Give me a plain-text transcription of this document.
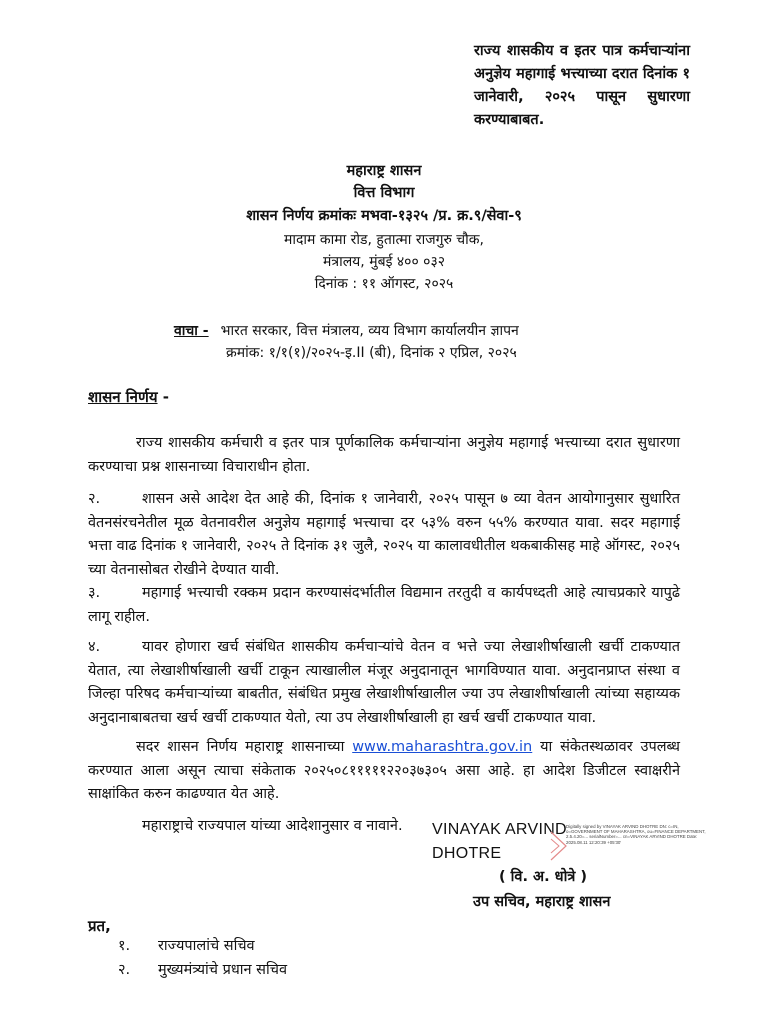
राज्य शासकीय व इतर पात्र कर्मचाऱ्यांना अनुज्ञेय महागाई भत्त्याच्या दरात दिनांक १ जानेवारी, २०२५ पासून सुधारणा करण्याबाबत.
महाराष्ट्र शासन
वित्त विभाग
शासन निर्णय क्रमांकः मभवा-१३२५ /प्र. क्र.९/सेवा-९
मादाम कामा रोड, हुतात्मा राजगुरु चौक,
मंत्रालय, मुंबई ४०० ०३२
दिनांक : ११ ऑगस्ट, २०२५
वाचा - भारत सरकार, वित्त मंत्रालय, व्यय विभाग कार्यालयीन ज्ञापन
क्रमांक: १/१(१)/२०२५-इ.II (बी), दिनांक २ एप्रिल, २०२५
शासन निर्णय -
राज्य शासकीय कर्मचारी व इतर पात्र पूर्णकालिक कर्मचाऱ्यांना अनुज्ञेय महागाई भत्त्याच्या दरात सुधारणा करण्याचा प्रश्न शासनाच्या विचाराधीन होता.
२.	शासन असे आदेश देत आहे की, दिनांक १ जानेवारी, २०२५ पासून ७ व्या वेतन आयोगानुसार सुधारित वेतनसंरचनेतील मूळ वेतनावरील अनुज्ञेय महागाई भत्त्याचा दर ५३% वरुन ५५% करण्यात यावा. सदर महागाई भत्ता वाढ दिनांक १ जानेवारी, २०२५ ते दिनांक ३१ जुलै, २०२५ या कालावधीतील थकबाकीसह माहे ऑगस्ट, २०२५ च्या वेतनासोबत रोखीने देण्यात यावी.
३.	महागाई भत्त्याची रक्कम प्रदान करण्यासंदर्भातील विद्यमान तरतुदी व कार्यपध्दती आहे त्याचप्रकारे यापुढे लागू राहील.
४.	यावर होणारा खर्च संबंधित शासकीय कर्मचाऱ्यांचे वेतन व भत्ते ज्या लेखाशीर्षाखाली खर्ची टाकण्यात येतात, त्या लेखाशीर्षाखाली खर्ची टाकून त्याखालील मंजूर अनुदानातून भागविण्यात यावा. अनुदानप्राप्त संस्था व जिल्हा परिषद कर्मचाऱ्यांच्या बाबतीत, संबंधित प्रमुख लेखाशीर्षाखालील ज्या उप लेखाशीर्षाखाली त्यांच्या सहाय्यक अनुदानाबाबतचा खर्च खर्ची टाकण्यात येतो, त्या उप लेखाशीर्षाखाली हा खर्च खर्ची टाकण्यात यावा.
सदर शासन निर्णय महाराष्ट्र शासनाच्या www.maharashtra.gov.in या संकेतस्थळावर उपलब्ध करण्यात आला असून त्याचा संकेताक २०२५०८१११११२२०३७३०५ असा आहे. हा आदेश डिजीटल स्वाक्षरीने साक्षांकित करुन काढण्यात येत आहे.
महाराष्ट्राचे राज्यपाल यांच्या आदेशानुसार व नावाने. VINAYAK ARVIND
DHOTRE
Digitally signed by VINAYAK ARVIND DHOTRE DN: c=IN, o=GOVERNMENT OF MAHARASHTRA, ou=FINANCE DEPARTMENT, 2.5.4.20=... serialNumber=... cn=VINAYAK ARVIND DHOTRE Date: 2025.08.11 12:20:39 +05'30'
( वि. अ. धोत्रे )
उप सचिव, महाराष्ट्र शासन
प्रत,
१. राज्यपालांचे सचिव
२. मुख्यमंत्र्यांचे प्रधान सचिव
